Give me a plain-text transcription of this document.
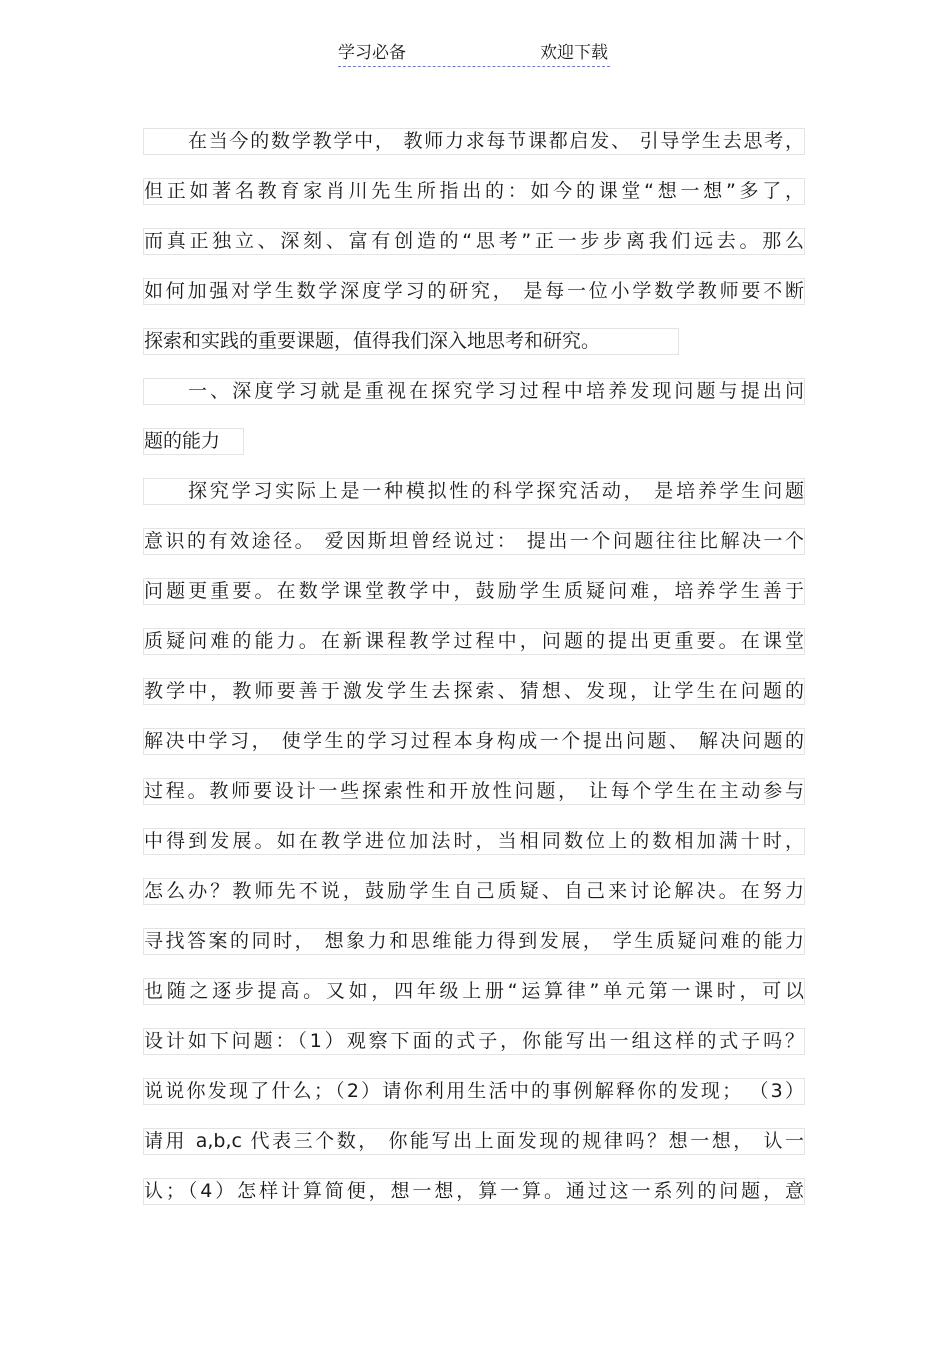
学习必备	欢迎下载
在当今的数学教学中， 教师力求每节课都启发、 引导学生去思考，
但正如著名教育家肖川先生所指出的：如今的课堂“想一想”多了，
而真正独立、深刻、富有创造的“思考”正一步步离我们远去。那么
如何加强对学生数学深度学习的研究， 是每一位小学数学教师要不断
探索和实践的重要课题，值得我们深入地思考和研究。
一、深度学习就是重视在探究学习过程中培养发现问题与提出问
题的能力
探究学习实际上是一种模拟性的科学探究活动， 是培养学生问题
意识的有效途径。 爱因斯坦曾经说过： 提出一个问题往往比解决一个
问题更重要。在数学课堂教学中，鼓励学生质疑问难，培养学生善于
质疑问难的能力。在新课程教学过程中，问题的提出更重要。在课堂
教学中，教师要善于激发学生去探索、猜想、发现，让学生在问题的
解决中学习， 使学生的学习过程本身构成一个提出问题、 解决问题的
过程。教师要设计一些探索性和开放性问题， 让每个学生在主动参与
中得到发展。如在教学进位加法时，当相同数位上的数相加满十时，
怎么办？教师先不说，鼓励学生自己质疑、自己来讨论解决。在努力
寻找答案的同时， 想象力和思维能力得到发展， 学生质疑问难的能力
也随之逐步提高。又如，四年级上册“运算律”单元第一课时，可以
设计如下问题：（1）观察下面的式子，你能写出一组这样的式子吗？
说说你发现了什么；（2）请你利用生活中的事例解释你的发现； （3）
请用 a,b,c 代表三个数， 你能写出上面发现的规律吗？想一想， 认一
认；（4）怎样计算简便，想一想，算一算。通过这一系列的问题，意
